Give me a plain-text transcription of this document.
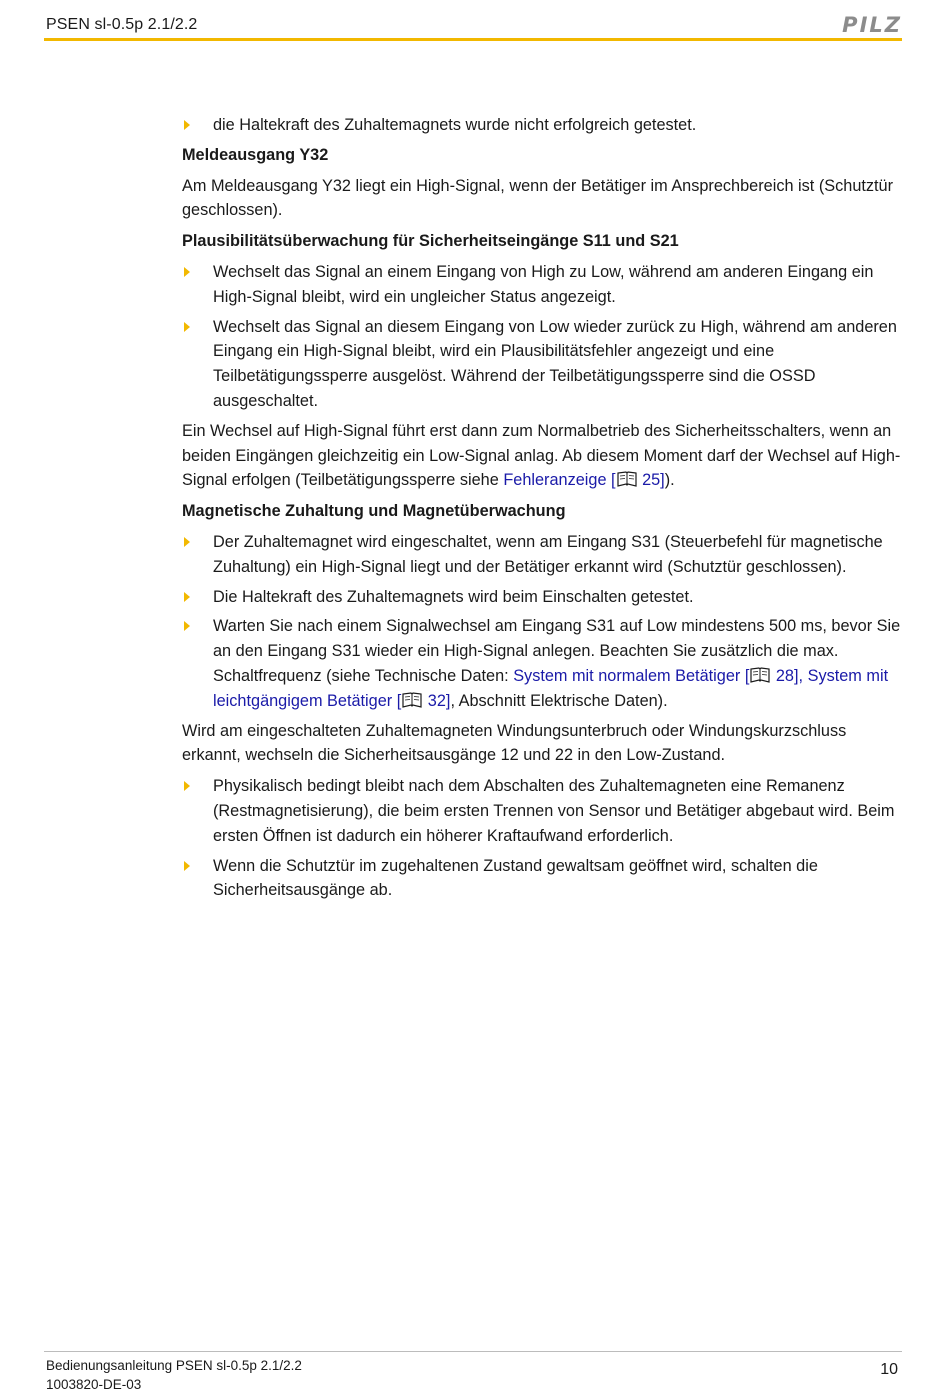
PSEN sl-0.5p 2.1/2.2	PILZ
die Haltekraft des Zuhaltemagnets wurde nicht erfolgreich getestet.
Meldeausgang Y32

Am Meldeausgang Y32 liegt ein High-Signal, wenn der Betätiger im Ansprechbereich ist (Schutztür geschlossen).

Plausibilitätsüberwachung für Sicherheitseingänge S11 und S21
Wechselt das Signal an einem Eingang von High zu Low, während am anderen Eingang ein High-Signal bleibt, wird ein ungleicher Status angezeigt.
Wechselt das Signal an diesem Eingang von Low wieder zurück zu High, während am anderen Eingang ein High-Signal bleibt, wird ein Plausibilitätsfehler angezeigt und eine Teilbetätigungssperre ausgelöst. Während der Teilbetätigungssperre sind die OSSD ausgeschaltet.

Ein Wechsel auf High-Signal führt erst dann zum Normalbetrieb des Sicherheitsschalters, wenn an beiden Eingängen gleichzeitig ein Low-Signal anlag. Ab diesem Moment darf der Wechsel auf High-Signal erfolgen (Teilbetätigungssperre siehe Fehleranzeige [ 25]).

Magnetische Zuhaltung und Magnetüberwachung
Der Zuhaltemagnet wird eingeschaltet, wenn am Eingang S31 (Steuerbefehl für magnetische Zuhaltung) ein High-Signal liegt und der Betätiger erkannt wird (Schutztür geschlossen).
Die Haltekraft des Zuhaltemagnets wird beim Einschalten getestet.
Warten Sie nach einem Signalwechsel am Eingang S31 auf Low mindestens 500 ms, bevor Sie an den Eingang S31 wieder ein High-Signal anlegen. Beachten Sie zusätzlich die max. Schaltfrequenz (siehe Technische Daten: System mit normalem Betätiger [ 28], System mit leichtgängigem Betätiger [ 32], Abschnitt Elektrische Daten).

Wird am eingeschalteten Zuhaltemagneten Windungsunterbruch oder Windungskurzschluss erkannt, wechseln die Sicherheitsausgänge 12 und 22 in den Low-Zustand.

Physikalisch bedingt bleibt nach dem Abschalten des Zuhaltemagneten eine Remanenz (Restmagnetisierung), die beim ersten Trennen von Sensor und Betätiger abgebaut wird. Beim ersten Öffnen ist dadurch ein höherer Kraftaufwand erforderlich.
Wenn die Schutztür im zugehaltenen Zustand gewaltsam geöffnet wird, schalten die Sicherheitsausgänge ab.
Bedienungsanleitung PSEN sl-0.5p 2.1/2.2
1003820-DE-03
10
